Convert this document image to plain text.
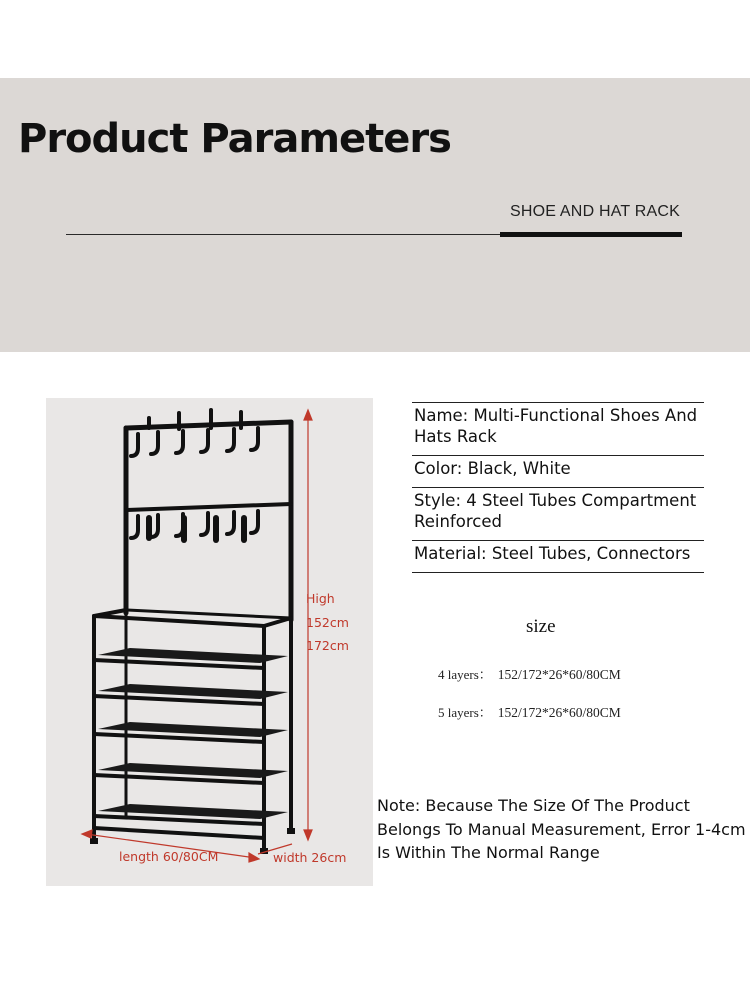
Product Parameters
SHOE AND HAT RACK
High
152cm
172cm
length 60/80CM	width 26cm
Name: Multi-Functional Shoes And Hats Rack
Color: Black, White
Style: 4 Steel Tubes Compartment Reinforced
Material: Steel Tubes, Connectors
size
4 layers： 152/172*26*60/80CM
5 layers： 152/172*26*60/80CM
Note: Because The Size Of The Product Belongs To Manual Measurement, Error 1-4cm Is Within The Normal Range
